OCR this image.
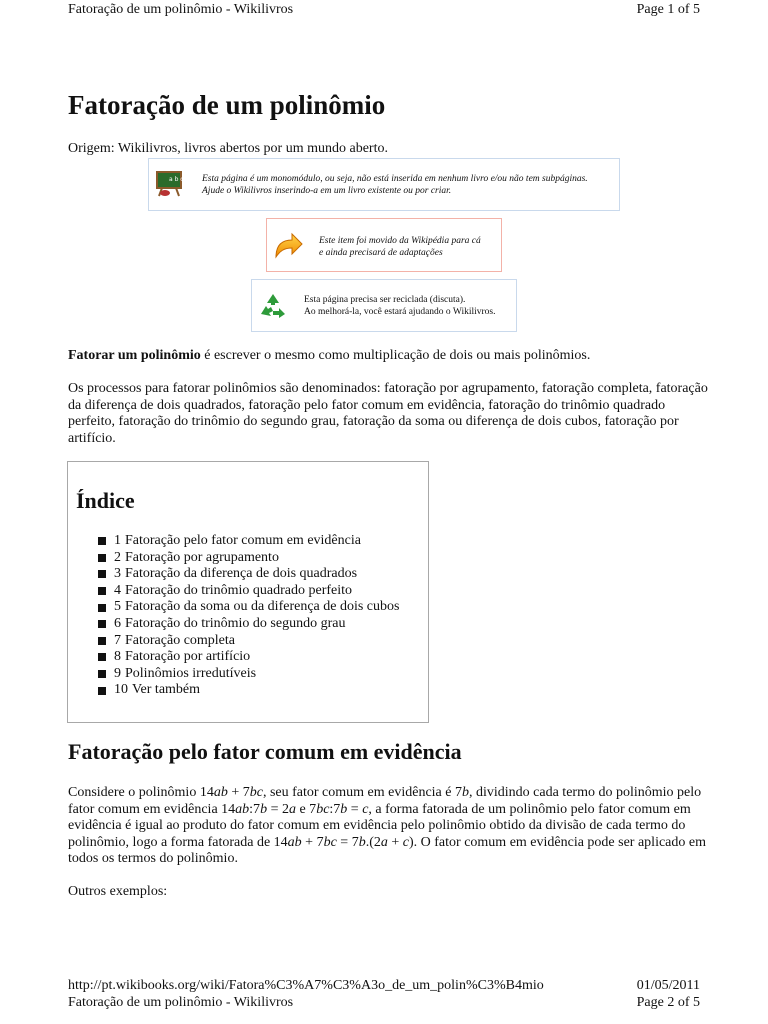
Fatoração de um polinômio - Wikilivros	Page 1 of 5
Fatoração de um polinômio
Origem: Wikilivros, livros abertos por um mundo aberto.
a b c Esta página é um monomódulo, ou seja, não está inserida em nenhum livro e/ou não tem subpáginas.
Ajude o Wikilivros inserindo-a em um livro existente ou por criar.
Este item foi movido da Wikipédia para cá
e ainda precisará de adaptações
Esta página precisa ser reciclada (discuta).
Ao melhorá-la, você estará ajudando o Wikilivros.
Fatorar um polinômio é escrever o mesmo como multiplicação de dois ou mais polinômios.
Os processos para fatorar polinômios são denominados: fatoração por agrupamento, fatoração completa, fatoração da diferença de dois quadrados, fatoração pelo fator comum em evidência, fatoração do trinômio quadrado perfeito, fatoração do trinômio do segundo grau, fatoração da soma ou diferença de dois cubos, fatoração por artifício.
Índice
1 Fatoração pelo fator comum em evidência
2 Fatoração por agrupamento
3 Fatoração da diferença de dois quadrados
4 Fatoração do trinômio quadrado perfeito
5 Fatoração da soma ou da diferença de dois cubos
6 Fatoração do trinômio do segundo grau
7 Fatoração completa
8 Fatoração por artifício
9 Polinômios irredutíveis
10 Ver também
Fatoração pelo fator comum em evidência
Considere o polinômio 14ab + 7bc, seu fator comum em evidência é 7b, dividindo cada termo do polinômio pelo fator comum em evidência 14ab:7b = 2a e 7bc:7b = c, a forma fatorada de um polinômio pelo fator comum em evidência é igual ao produto do fator comum em evidência pelo polinômio obtido da divisão de cada termo do polinômio, logo a forma fatorada de 14ab + 7bc = 7b.(2a + c). O fator comum em evidência pode ser aplicado em todos os termos do polinômio.
Outros exemplos:
http://pt.wikibooks.org/wiki/Fatora%C3%A7%C3%A3o_de_um_polin%C3%B4mio	01/05/2011
Fatoração de um polinômio - Wikilivros	Page 2 of 5
